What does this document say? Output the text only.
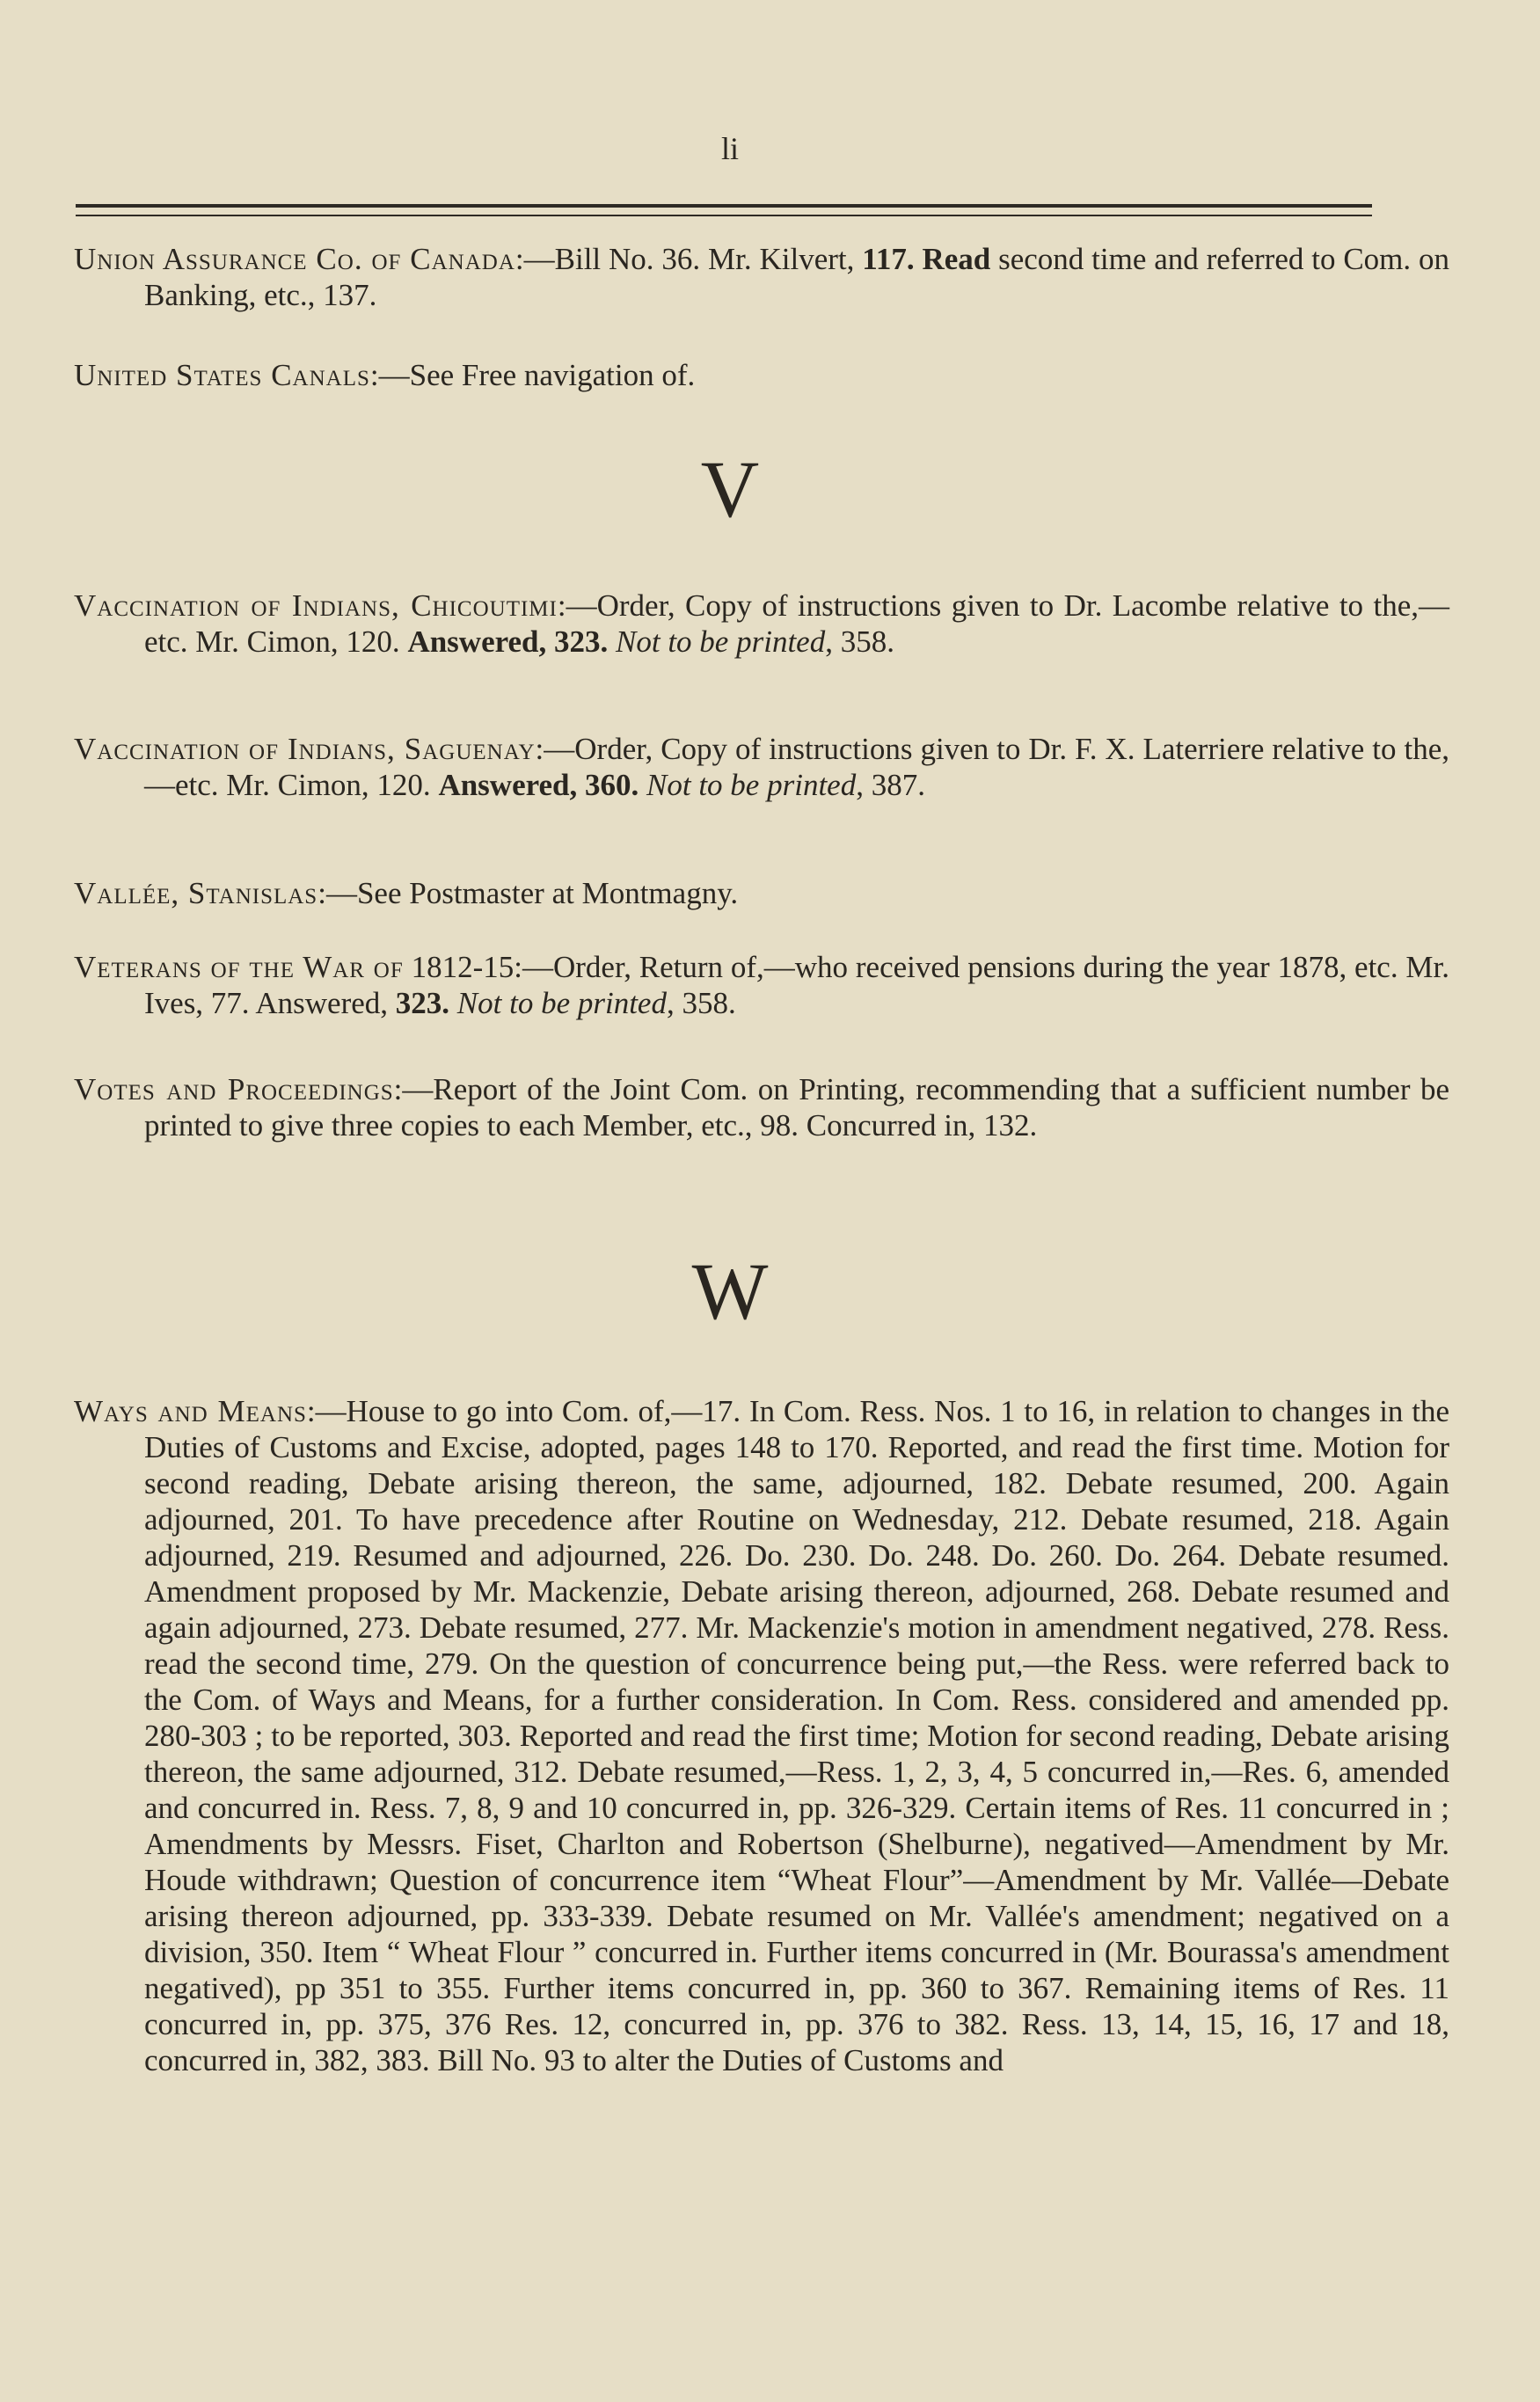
li
Union Assurance Co. of Canada:—Bill No. 36. Mr. Kilvert, 117. Read second time and referred to Com. on Banking, etc., 137.
United States Canals:—See Free navigation of.
V
Vaccination of Indians, Chicoutimi:—Order, Copy of instructions given to Dr. Lacombe relative to the,—etc. Mr. Cimon, 120. Answered, 323. Not to be printed, 358.
Vaccination of Indians, Saguenay:—Order, Copy of instructions given to Dr. F. X. Laterriere relative to the,—etc. Mr. Cimon, 120. Answered, 360. Not to be printed, 387.
Vallée, Stanislas:—See Postmaster at Montmagny.
Veterans of the War of 1812-15:—Order, Return of,—who received pensions during the year 1878, etc. Mr. Ives, 77. Answered, 323. Not to be printed, 358.
Votes and Proceedings:—Report of the Joint Com. on Printing, recommending that a sufficient number be printed to give three copies to each Member, etc., 98. Concurred in, 132.
W
Ways and Means:—House to go into Com. of,—17. In Com. Ress. Nos. 1 to 16, in relation to changes in the Duties of Customs and Excise, adopted, pages 148 to 170. Reported, and read the first time. Motion for second reading, Debate arising thereon, the same, adjourned, 182. Debate resumed, 200. Again adjourned, 201. To have precedence after Routine on Wednesday, 212. Debate resumed, 218. Again adjourned, 219. Resumed and adjourned, 226. Do. 230. Do. 248. Do. 260. Do. 264. Debate resumed. Amendment proposed by Mr. Mackenzie, Debate arising thereon, adjourned, 268. Debate resumed and again adjourned, 273. Debate resumed, 277. Mr. Mackenzie's motion in amendment negatived, 278. Ress. read the second time, 279. On the question of concurrence being put,—the Ress. were referred back to the Com. of Ways and Means, for a further consideration. In Com. Ress. considered and amended pp. 280-303 ; to be reported, 303. Reported and read the first time; Motion for second reading, Debate arising thereon, the same adjourned, 312. Debate resumed,—Ress. 1, 2, 3, 4, 5 concurred in,—Res. 6, amended and concurred in. Ress. 7, 8, 9 and 10 concurred in, pp. 326-329. Certain items of Res. 11 concurred in ; Amendments by Messrs. Fiset, Charlton and Robertson (Shelburne), negatived—Amendment by Mr. Houde withdrawn; Question of concurrence item “Wheat Flour”—Amendment by Mr. Vallée—Debate arising thereon adjourned, pp. 333-339. Debate resumed on Mr. Vallée's amendment; negatived on a division, 350. Item “ Wheat Flour ” concurred in. Further items concurred in (Mr. Bourassa's amendment negatived), pp 351 to 355. Further items concurred in, pp. 360 to 367. Remaining items of Res. 11 concurred in, pp. 375, 376 Res. 12, concurred in, pp. 376 to 382. Ress. 13, 14, 15, 16, 17 and 18, concurred in, 382, 383. Bill No. 93 to alter the Duties of Customs and
